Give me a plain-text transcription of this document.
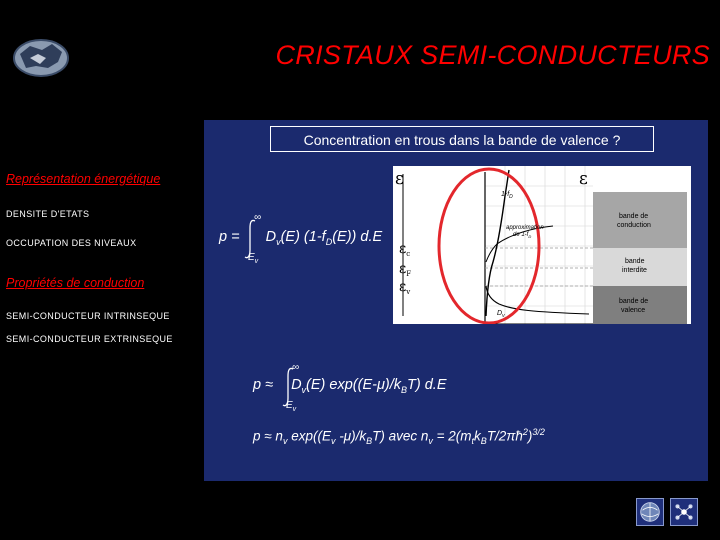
CRISTAUX SEMI-CONDUCTEURS
Concentration en trous dans la bande de valence ?
Représentation énergétique
DENSITE D'ETATS
OCCUPATION DES NIVEAUX
Propriétés de conduction
SEMI-CONDUCTEUR INTRINSEQUE
SEMI-CONDUCTEUR EXTRINSEQUE
$p = D_v(E)$ $(1-f_D(E))$ d.E
∞
$E_v$
$p \approx D_v(E)$ $\exp((E-\mu)/k_BT)$ d.E
∞
$E_v$
$p \approx n_v$ $\exp((E_v$ $-\mu)/k_BT$) avec $n_v$ = $2(m_tk_BT/2\pi ħ^2)^{3/2}$
ε	ε
$\varepsilon_c$
$\varepsilon_F$
$\varepsilon_v$
$1-f_D$
approximation
de $1-f_D$
$D_v$
bande de
conduction
bande
interdite
bande de
valence
